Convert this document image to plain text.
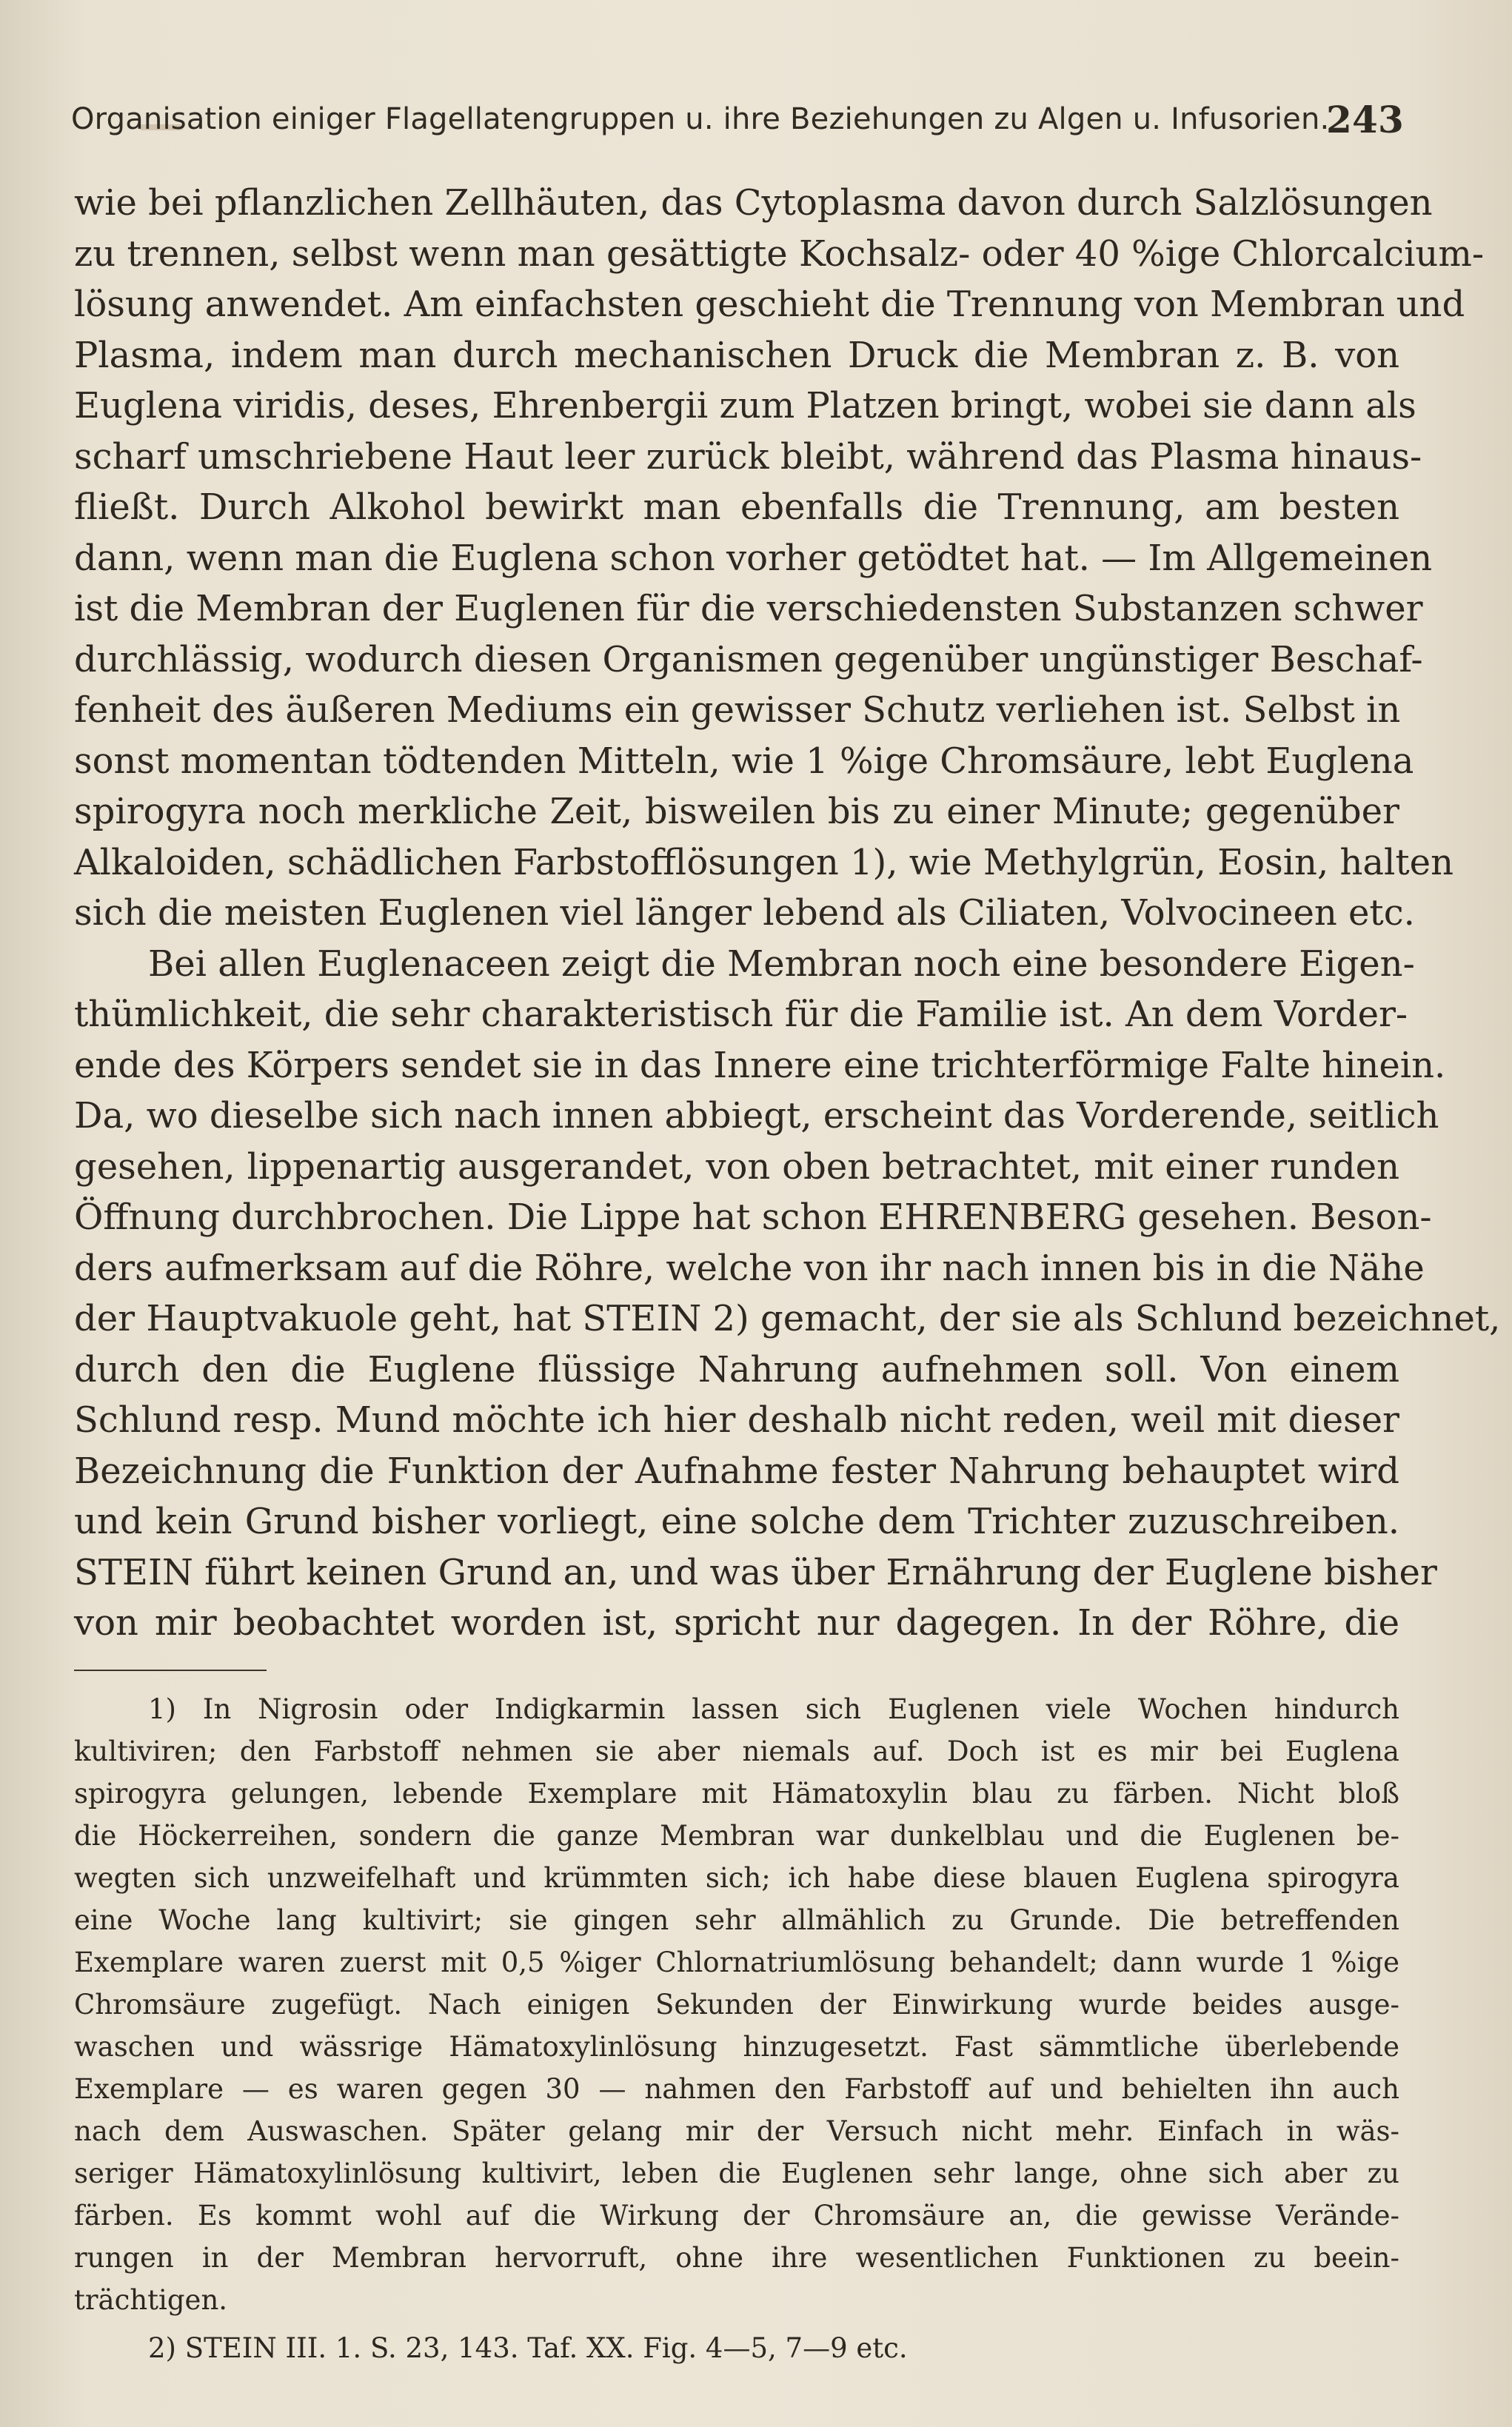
Organisation einiger Flagellatengruppen u. ihre Beziehungen zu Algen u. Infusorien.
243
wie bei pflanzlichen Zellhäuten, das Cytoplasma davon durch Salzlösungen
zu trennen, selbst wenn man gesättigte Kochsalz- oder 40 %ige Chlorcalcium-
lösung anwendet. Am einfachsten geschieht die Trennung von Membran und
Plasma, indem man durch mechanischen Druck die Membran z. B. von
Euglena viridis, deses, Ehrenbergii zum Platzen bringt, wobei sie dann als
scharf umschriebene Haut leer zurück bleibt, während das Plasma hinaus-
fließt. Durch Alkohol bewirkt man ebenfalls die Trennung, am besten
dann, wenn man die Euglena schon vorher getödtet hat. — Im Allgemeinen
ist die Membran der Euglenen für die verschiedensten Substanzen schwer
durchlässig, wodurch diesen Organismen gegenüber ungünstiger Beschaf-
fenheit des äußeren Mediums ein gewisser Schutz verliehen ist. Selbst in
sonst momentan tödtenden Mitteln, wie 1 %ige Chromsäure, lebt Euglena
spirogyra noch merkliche Zeit, bisweilen bis zu einer Minute; gegenüber
Alkaloiden, schädlichen Farbstofflösungen 1), wie Methylgrün, Eosin, halten
sich die meisten Euglenen viel länger lebend als Ciliaten, Volvocineen etc.
Bei allen Euglenaceen zeigt die Membran noch eine besondere Eigen-
thümlichkeit, die sehr charakteristisch für die Familie ist. An dem Vorder-
ende des Körpers sendet sie in das Innere eine trichterförmige Falte hinein.
Da, wo dieselbe sich nach innen abbiegt, erscheint das Vorderende, seitlich
gesehen, lippenartig ausgerandet, von oben betrachtet, mit einer runden
Öffnung durchbrochen. Die Lippe hat schon EHRENBERG gesehen. Beson-
ders aufmerksam auf die Röhre, welche von ihr nach innen bis in die Nähe
der Hauptvakuole geht, hat STEIN 2) gemacht, der sie als Schlund bezeichnet,
durch den die Euglene flüssige Nahrung aufnehmen soll. Von einem
Schlund resp. Mund möchte ich hier deshalb nicht reden, weil mit dieser
Bezeichnung die Funktion der Aufnahme fester Nahrung behauptet wird
und kein Grund bisher vorliegt, eine solche dem Trichter zuzuschreiben.
STEIN führt keinen Grund an, und was über Ernährung der Euglene bisher
von mir beobachtet worden ist, spricht nur dagegen. In der Röhre, die
1) In Nigrosin oder Indigkarmin lassen sich Euglenen viele Wochen hindurch
kultiviren; den Farbstoff nehmen sie aber niemals auf. Doch ist es mir bei Euglena
spirogyra gelungen, lebende Exemplare mit Hämatoxylin blau zu färben. Nicht bloß
die Höckerreihen, sondern die ganze Membran war dunkelblau und die Euglenen be-
wegten sich unzweifelhaft und krümmten sich; ich habe diese blauen Euglena spirogyra
eine Woche lang kultivirt; sie gingen sehr allmählich zu Grunde. Die betreffenden
Exemplare waren zuerst mit 0,5 %iger Chlornatriumlösung behandelt; dann wurde 1 %ige
Chromsäure zugefügt. Nach einigen Sekunden der Einwirkung wurde beides ausge-
waschen und wässrige Hämatoxylinlösung hinzugesetzt. Fast sämmtliche überlebende
Exemplare — es waren gegen 30 — nahmen den Farbstoff auf und behielten ihn auch
nach dem Auswaschen. Später gelang mir der Versuch nicht mehr. Einfach in wäs-
seriger Hämatoxylinlösung kultivirt, leben die Euglenen sehr lange, ohne sich aber zu
färben. Es kommt wohl auf die Wirkung der Chromsäure an, die gewisse Verände-
rungen in der Membran hervorruft, ohne ihre wesentlichen Funktionen zu beein-
trächtigen.
2) STEIN III. 1. S. 23, 143. Taf. XX. Fig. 4—5, 7—9 etc.
